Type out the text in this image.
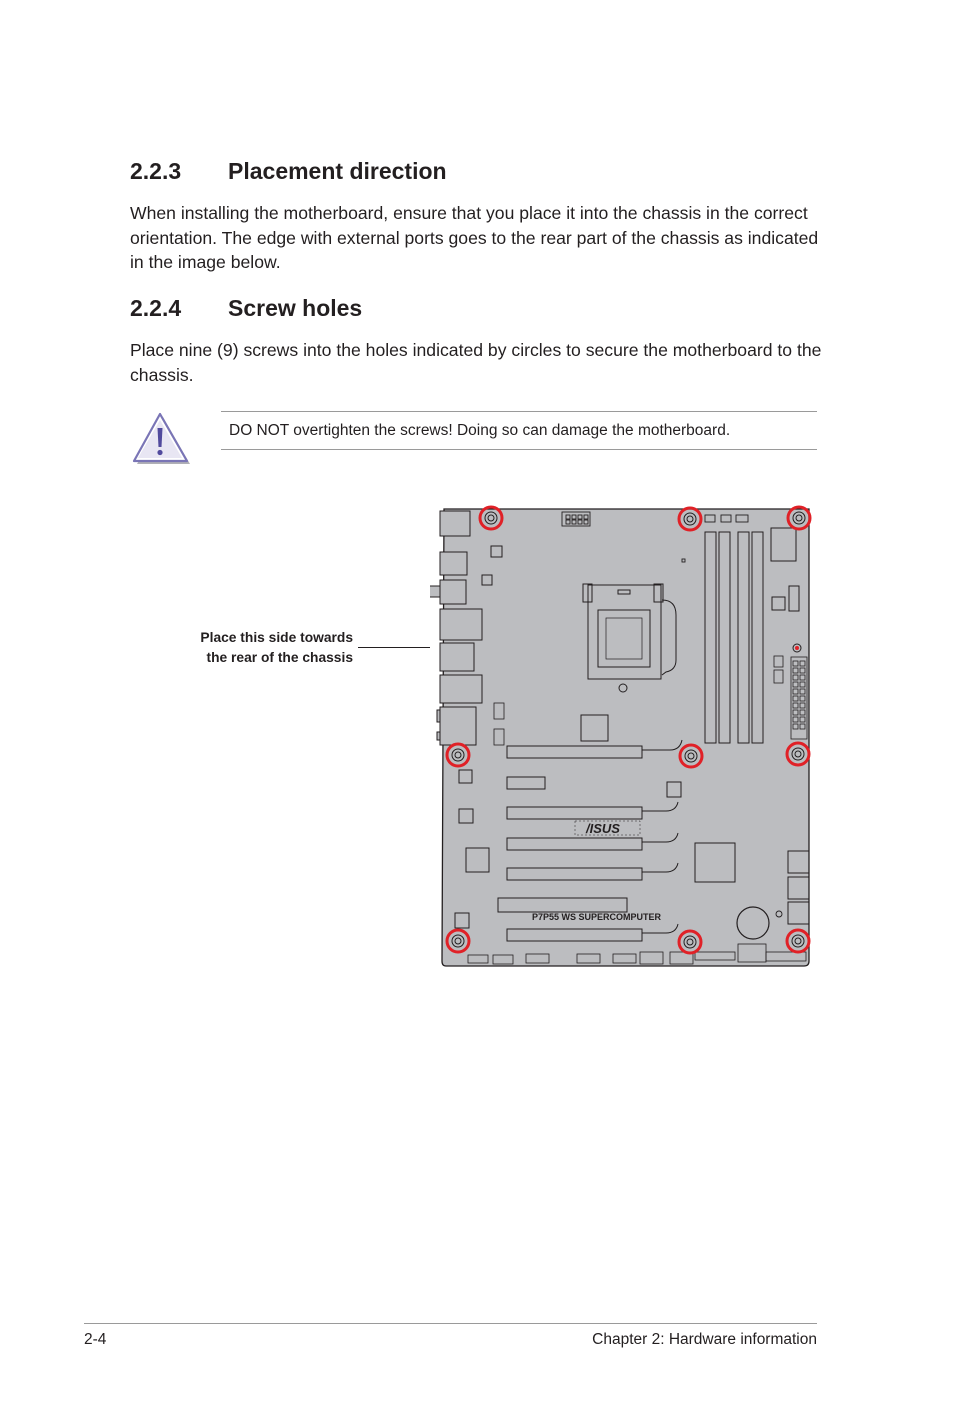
2.2.3 Placement direction

When installing the motherboard, ensure that you place it into the chassis in the correct orientation. The edge with external ports goes to the rear part of the chassis as indicated in the image below.

2.2.4 Screw holes

Place nine (9) screws into the holes indicated by circles to secure the motherboard to the chassis.

DO NOT overtighten the screws! Doing so can damage the motherboard.
Place this side towards
the rear of the chassis
/ISUS
P7P55 WS SUPERCOMPUTER
2-4	Chapter 2: Hardware information
